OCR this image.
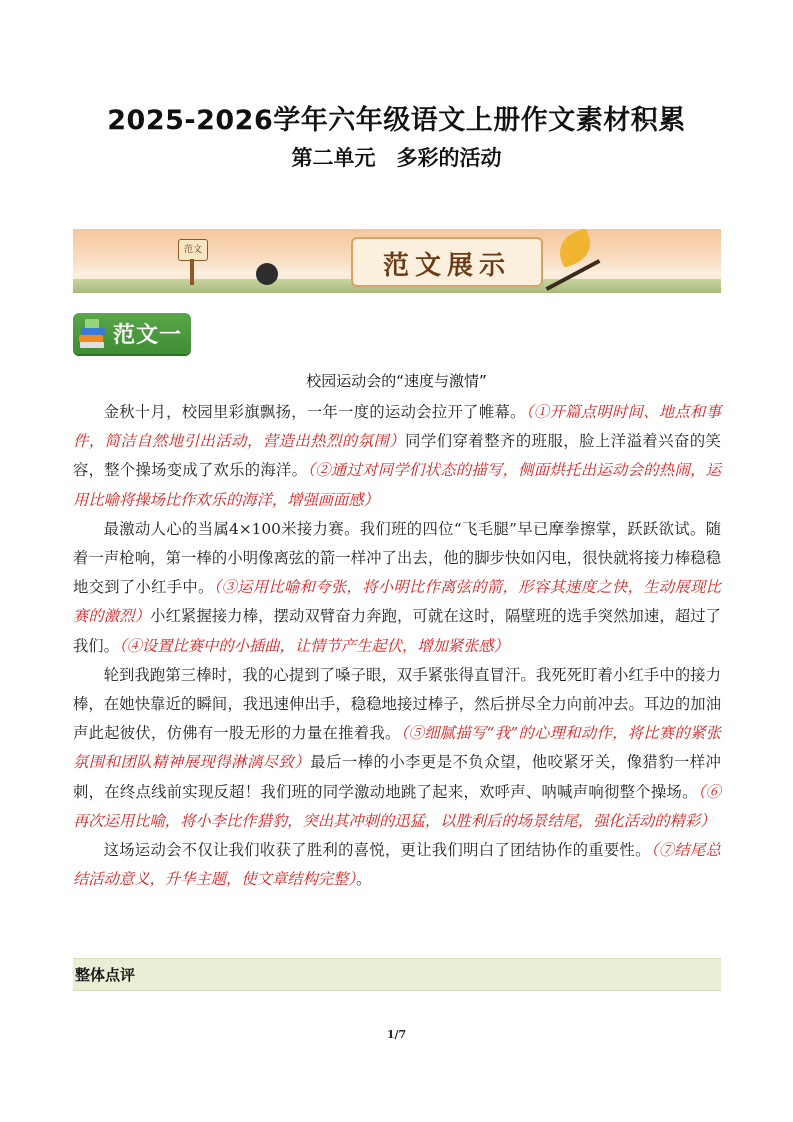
2025-2026学年六年级语文上册作文素材积累
第二单元　多彩的活动
范文
范文展示
范文一
校园运动会的“速度与激情”

金秋十月，校园里彩旗飘扬，一年一度的运动会拉开了帷幕。（①开篇点明时间、地点和事件，简洁自然地引出活动，营造出热烈的氛围）同学们穿着整齐的班服，脸上洋溢着兴奋的笑容，整个操场变成了欢乐的海洋。（②通过对同学们状态的描写，侧面烘托出运动会的热闹，运用比喻将操场比作欢乐的海洋，增强画面感）

最激动人心的当属4×100米接力赛。我们班的四位“飞毛腿”早已摩拳擦掌，跃跃欲试。随着一声枪响，第一棒的小明像离弦的箭一样冲了出去，他的脚步快如闪电，很快就将接力棒稳稳地交到了小红手中。（③运用比喻和夸张，将小明比作离弦的箭，形容其速度之快，生动展现比赛的激烈）小红紧握接力棒，摆动双臂奋力奔跑，可就在这时，隔壁班的选手突然加速，超过了我们。（④设置比赛中的小插曲，让情节产生起伏，增加紧张感）

轮到我跑第三棒时，我的心提到了嗓子眼，双手紧张得直冒汗。我死死盯着小红手中的接力棒，在她快靠近的瞬间，我迅速伸出手，稳稳地接过棒子，然后拼尽全力向前冲去。耳边的加油声此起彼伏，仿佛有一股无形的力量在推着我。（⑤细腻描写“我”的心理和动作，将比赛的紧张氛围和团队精神展现得淋漓尽致）最后一棒的小李更是不负众望，他咬紧牙关，像猎豹一样冲刺，在终点线前实现反超！我们班的同学激动地跳了起来，欢呼声、呐喊声响彻整个操场。（⑥再次运用比喻，将小李比作猎豹，突出其冲刺的迅猛，以胜利后的场景结尾，强化活动的精彩）

这场运动会不仅让我们收获了胜利的喜悦，更让我们明白了团结协作的重要性。（⑦结尾总结活动意义，升华主题，使文章结构完整）。

整体点评
1/7
